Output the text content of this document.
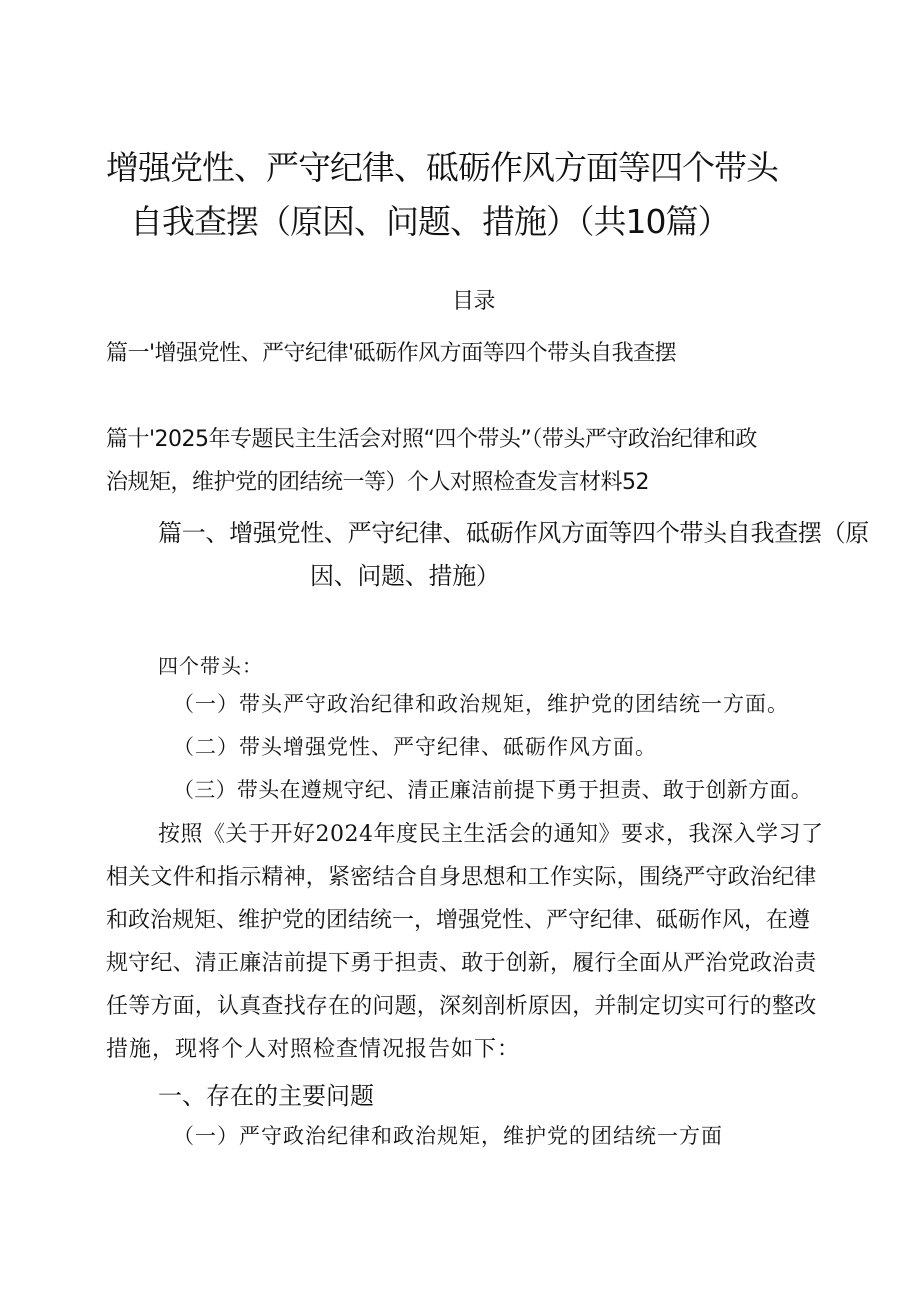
增强党性、严守纪律、砥砺作风方面等四个带头
自我查摆（原因、问题、措施）（共10篇）
目录
篇一'增强党性、严守纪律'砥砺作风方面等四个带头自我查摆
篇十'2025年专题民主生活会对照“四个带头”（带头严守政治纪律和政
治规矩，维护党的团结统一等）个人对照检查发言材料52
篇一、增强党性、严守纪律、砥砺作风方面等四个带头自我查摆（原
因、问题、措施）
四个带头：
（一）带头严守政治纪律和政治规矩，维护党的团结统一方面。
（二）带头增强党性、严守纪律、砥砺作风方面。
（三）带头在遵规守纪、清正廉洁前提下勇于担责、敢于创新方面。
按照《关于开好2024年度民主生活会的通知》要求，我深入学习了
相关文件和指示精神，紧密结合自身思想和工作实际，围绕严守政治纪律
和政治规矩、维护党的团结统一，增强党性、严守纪律、砥砺作风，在遵
规守纪、清正廉洁前提下勇于担责、敢于创新，履行全面从严治党政治责
任等方面，认真查找存在的问题，深刻剖析原因，并制定切实可行的整改
措施，现将个人对照检查情况报告如下：
一、存在的主要问题
（一）严守政治纪律和政治规矩，维护党的团结统一方面
